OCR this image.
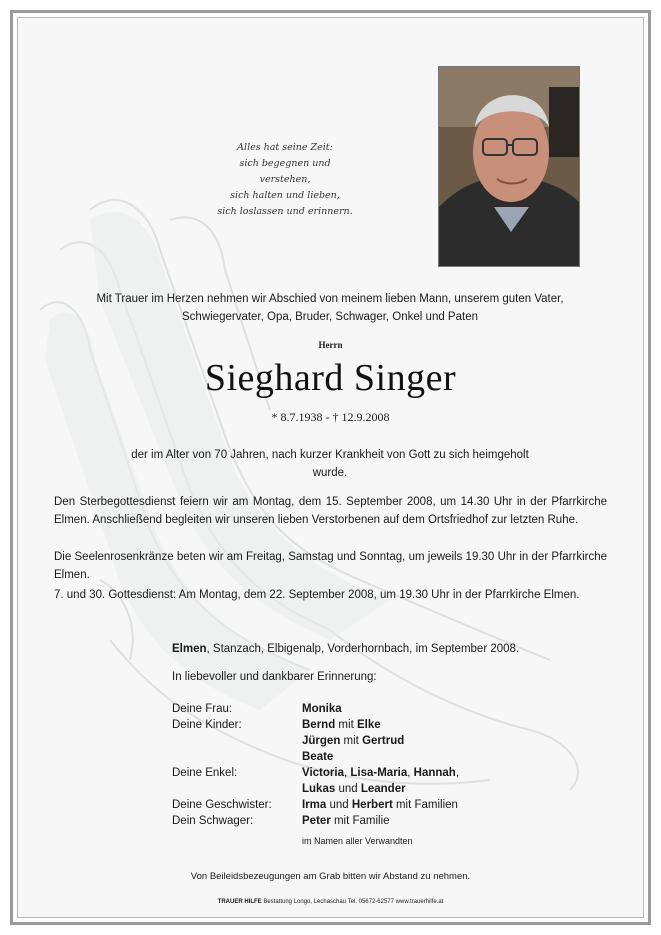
Alles hat seine Zeit:
sich begegnen und verstehen,
sich halten und lieben,
sich loslassen und erinnern.
Mit Trauer im Herzen nehmen wir Abschied von meinem lieben Mann, unserem guten Vater, Schwiegervater, Opa, Bruder, Schwager, Onkel und Paten
Herrn
Sieghard Singer
* 8.7.1938 - † 12.9.2008
der im Alter von 70 Jahren, nach kurzer Krankheit von Gott zu sich heimgeholt wurde.
Den Sterbegottesdienst feiern wir am Montag, dem 15. September 2008, um 14.30 Uhr in der Pfarrkirche Elmen. Anschließend begleiten wir unseren lieben Verstorbenen auf dem Ortsfriedhof zur letzten Ruhe.
Die Seelenrosenkränze beten wir am Freitag, Samstag und Sonntag, um jeweils 19.30 Uhr in der Pfarrkirche Elmen.
7. und 30. Gottesdienst: Am Montag, dem 22. September 2008, um 19.30 Uhr in der Pfarrkirche Elmen.
Elmen, Stanzach, Elbigenalp, Vorderhornbach, im September 2008.
In liebevoller und dankbarer Erinnerung:
Deine Frau:	Monika
Deine Kinder:	Bernd mit Elke
Jürgen mit Gertrud
Beate
Deine Enkel:	Victoria, Lisa-Maria, Hannah,
Lukas und Leander
Deine Geschwister:	Irma und Herbert mit Familien
Dein Schwager:	Peter mit Familie
im Namen aller Verwandten
Von Beileidsbezeugungen am Grab bitten wir Abstand zu nehmen.
TRAUER HILFE Bestattung Longo, Lechaschau Tel. 05672-62577 www.trauerhilfe.at
